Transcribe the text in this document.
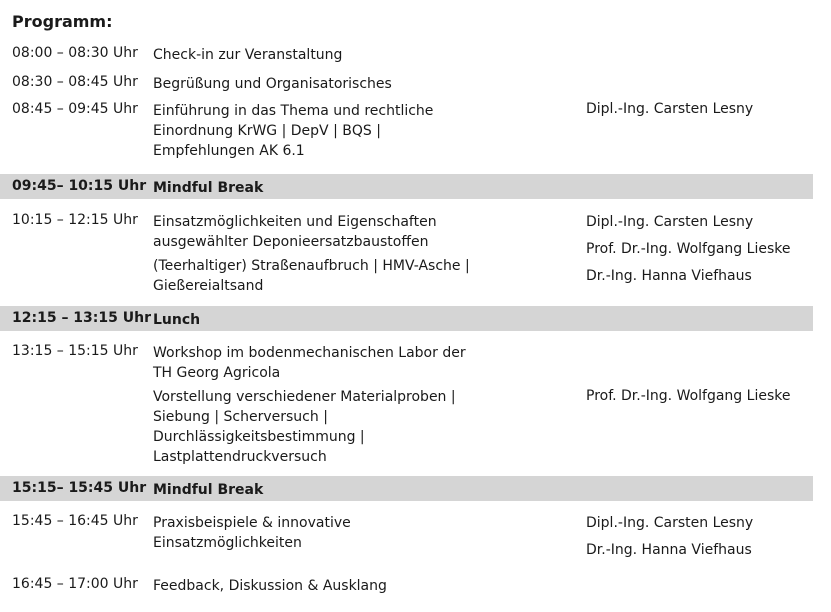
Programm:
08:00 – 08:30 Uhr Check-in zur Veranstaltung
08:30 – 08:45 Uhr Begrüßung und Organisatorisches
08:45 – 09:45 Uhr Einführung in das Thema und rechtliche Einordnung KrWG | DepV | BQS | Empfehlungen AK 6.1
Dipl.-Ing. Carsten Lesny
09:45– 10:15 Uhr Mindful Break
10:15 – 12:15 Uhr Einsatzmöglichkeiten und Eigenschaften ausgewählter Deponieersatzbaustoffen
(Teerhaltiger) Straßenaufbruch | HMV-Asche | Gießereialtsand
Dipl.-Ing. Carsten Lesny
Prof. Dr.-Ing. Wolfgang Lieske
Dr.-Ing. Hanna Viefhaus
12:15 – 13:15 Uhr Lunch
13:15 – 15:15 Uhr Workshop im bodenmechanischen Labor der TH Georg Agricola
Vorstellung verschiedener Materialproben | Siebung | Scherversuch | Durchlässigkeitsbestimmung | Lastplattendruckversuch
Prof. Dr.-Ing. Wolfgang Lieske
15:15– 15:45 Uhr Mindful Break
15:45 – 16:45 Uhr Praxisbeispiele & innovative Einsatzmöglichkeiten
Dipl.-Ing. Carsten Lesny
Dr.-Ing. Hanna Viefhaus
16:45 – 17:00 Uhr Feedback, Diskussion & Ausklang
